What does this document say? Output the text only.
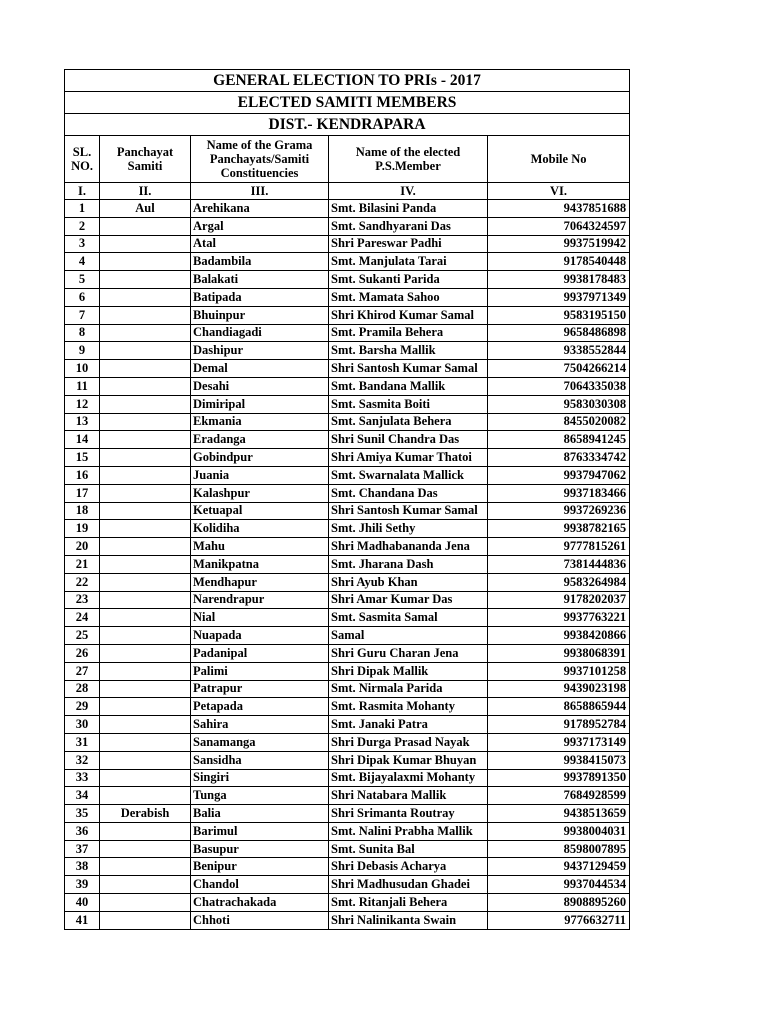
GENERAL ELECTION TO PRIs - 2017				
ELECTED SAMITI MEMBERS				
DIST.- KENDRAPARA				
SL. NO.	Panchayat Samiti	Name of the Grama Panchayats/Samiti Constituencies	Name of the elected P.S.Member	Mobile No
I.	II.	III.	IV.	VI.
1	Aul	Arehikana	Smt. Bilasini Panda	9437851688
2		Argal	Smt. Sandhyarani Das	7064324597
3		Atal	Shri Pareswar Padhi	9937519942
4		Badambila	Smt. Manjulata Tarai	9178540448
5		Balakati	Smt. Sukanti Parida	9938178483
6		Batipada	Smt. Mamata Sahoo	9937971349
7		Bhuinpur	Shri Khirod Kumar Samal	9583195150
8		Chandiagadi	Smt. Pramila Behera	9658486898
9		Dashipur	Smt. Barsha Mallik	9338552844
10		Demal	Shri Santosh Kumar Samal	7504266214
11		Desahi	Smt. Bandana Mallik	7064335038
12		Dimiripal	Smt. Sasmita Boiti	9583030308
13		Ekmania	Smt. Sanjulata Behera	8455020082
14		Eradanga	Shri Sunil Chandra Das	8658941245
15		Gobindpur	Shri Amiya Kumar Thatoi	8763334742
16		Juania	Smt. Swarnalata Mallick	9937947062
17		Kalashpur	Smt. Chandana Das	9937183466
18		Ketuapal	Shri Santosh Kumar Samal	9937269236
19		Kolidiha	Smt. Jhili Sethy	9938782165
20		Mahu	Shri Madhabananda Jena	9777815261
21		Manikpatna	Smt. Jharana Dash	7381444836
22		Mendhapur	Shri Ayub Khan	9583264984
23		Narendrapur	Shri Amar Kumar Das	9178202037
24		Nial	Smt. Sasmita Samal	9937763221
25		Nuapada	Samal	9938420866
26		Padanipal	Shri Guru Charan Jena	9938068391
27		Palimi	Shri Dipak Mallik	9937101258
28		Patrapur	Smt. Nirmala Parida	9439023198
29		Petapada	Smt. Rasmita Mohanty	8658865944
30		Sahira	Smt. Janaki Patra	9178952784
31		Sanamanga	Shri Durga Prasad Nayak	9937173149
32		Sansidha	Shri Dipak Kumar Bhuyan	9938415073
33		Singiri	Smt. Bijayalaxmi Mohanty	9937891350
34		Tunga	Shri Natabara Mallik	7684928599
35	Derabish	Balia	Shri Srimanta Routray	9438513659
36		Barimul	Smt. Nalini Prabha Mallik	9938004031
37		Basupur	Smt. Sunita Bal	8598007895
38		Benipur	Shri Debasis Acharya	9437129459
39		Chandol	Shri Madhusudan Ghadei	9937044534
40		Chatrachakada	Smt. Ritanjali Behera	8908895260
41		Chhoti	Shri Nalinikanta Swain	9776632711
